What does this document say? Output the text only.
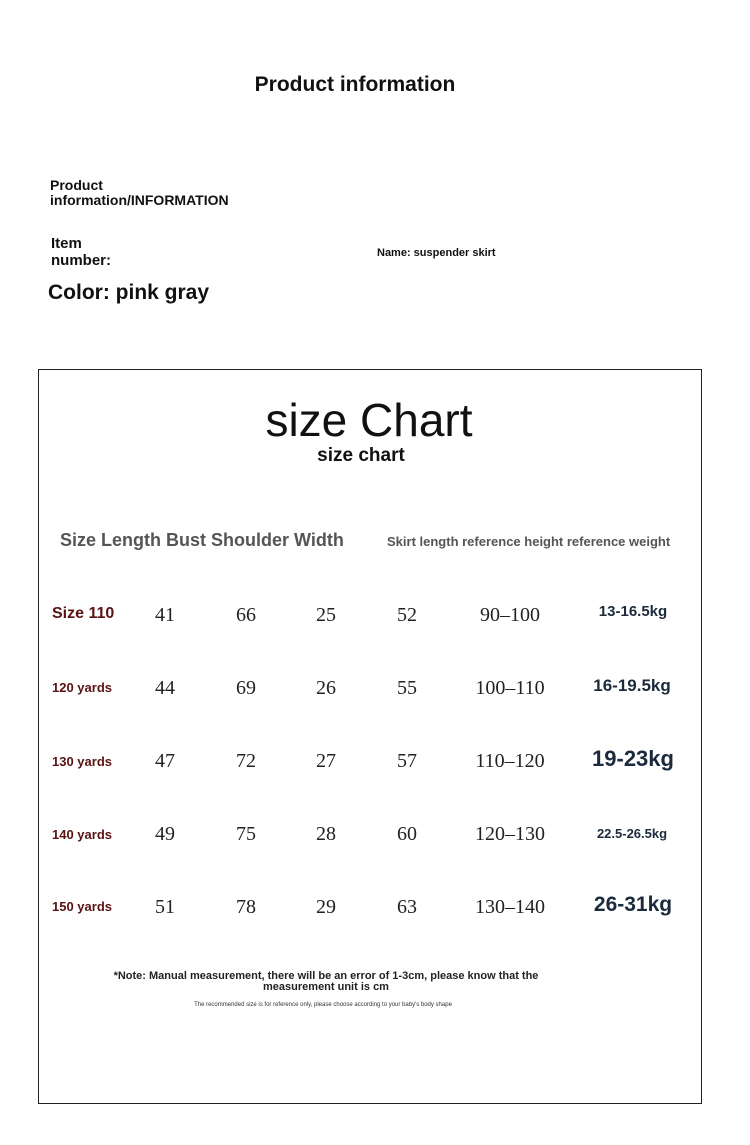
Product information
Product information/INFORMATION
Item number:	Name: suspender skirt
Color: pink gray
size Chart
size chart
Size Length Bust Shoulder Width	Skirt length reference height reference weight
Size 110	41	66	25	52	90–100	13-16.5kg
120 yards	44	69	26	55	100–110	16-19.5kg
130 yards	47	72	27	57	110–120	19-23kg
140 yards	49	75	28	60	120–130	22.5-26.5kg
150 yards	51	78	29	63	130–140	26-31kg
*Note: Manual measurement, there will be an error of 1-3cm, please know that the measurement unit is cm
The recommended size is for reference only, please choose according to your baby's body shape
